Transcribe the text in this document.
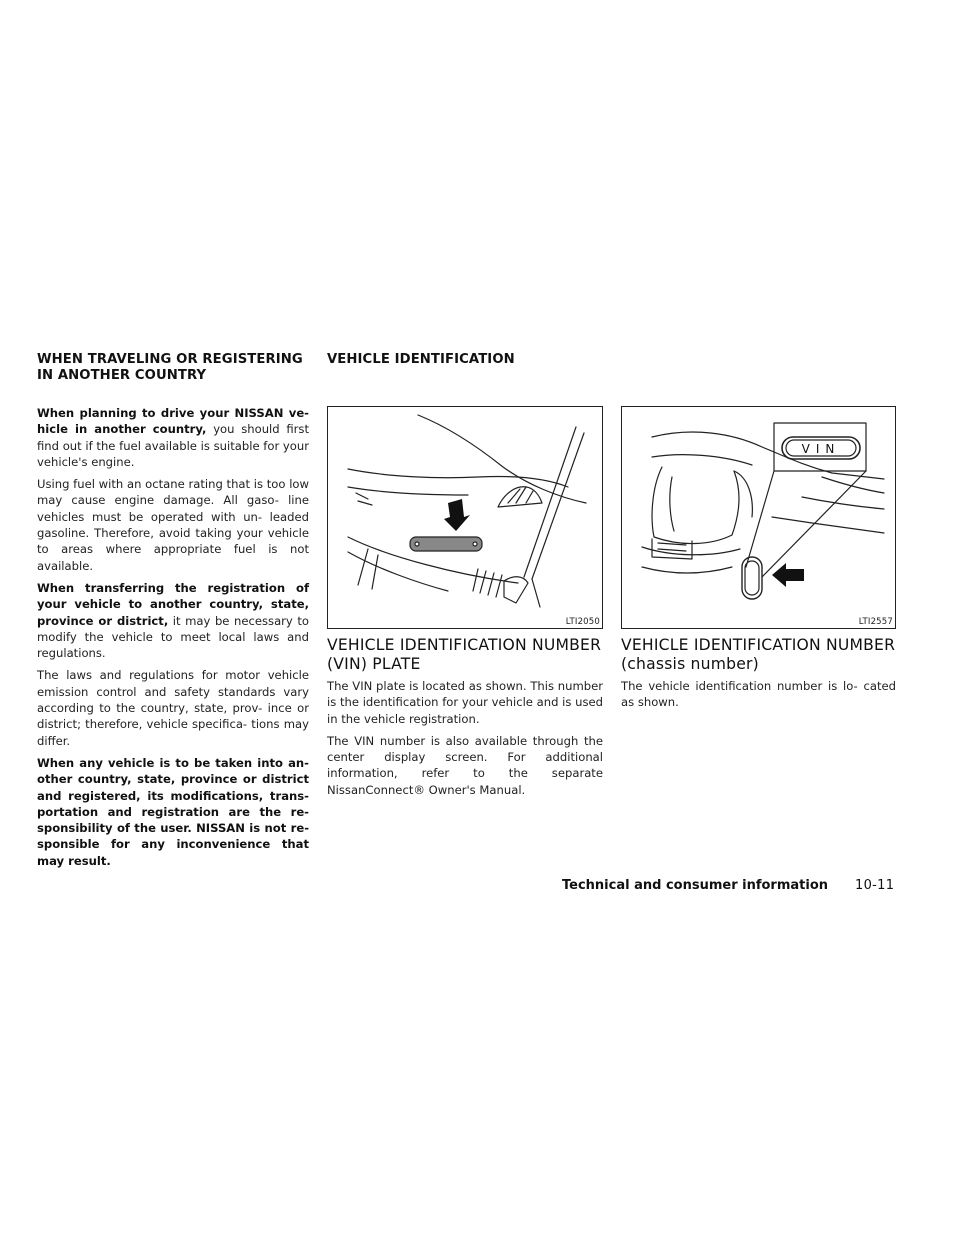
WHEN TRAVELING OR REGISTERING
IN ANOTHER COUNTRY

When planning to drive your NISSAN ve- hicle in another country, you should first find out if the fuel available is suitable for your vehicle's engine.

Using fuel with an octane rating that is too low may cause engine damage. All gaso- line vehicles must be operated with un- leaded gasoline. Therefore, avoid taking your vehicle to areas where appropriate fuel is not available.

When transferring the registration of your vehicle to another country, state, province or district, it may be necessary to modify the vehicle to meet local laws and regulations.

The laws and regulations for motor vehicle emission control and safety standards vary according to the country, state, prov- ince or district; therefore, vehicle specifica- tions may differ.

When any vehicle is to be taken into an- other country, state, province or district and registered, its modifications, trans- portation and registration are the re- sponsibility of the user. NISSAN is not re- sponsible for any inconvenience that may result.

VEHICLE IDENTIFICATION
LTI2050
VEHICLE IDENTIFICATION NUMBER
(VIN) PLATE

The VIN plate is located as shown. This number is the identification for your vehicle and is used in the vehicle registration.

The VIN number is also available through the center display screen. For additional information, refer to the separate NissanConnect® Owner's Manual.

VIN
LTI2557
VEHICLE IDENTIFICATION NUMBER
(chassis number)

The vehicle identification number is lo- cated as shown.

Technical and consumer information 10-11
